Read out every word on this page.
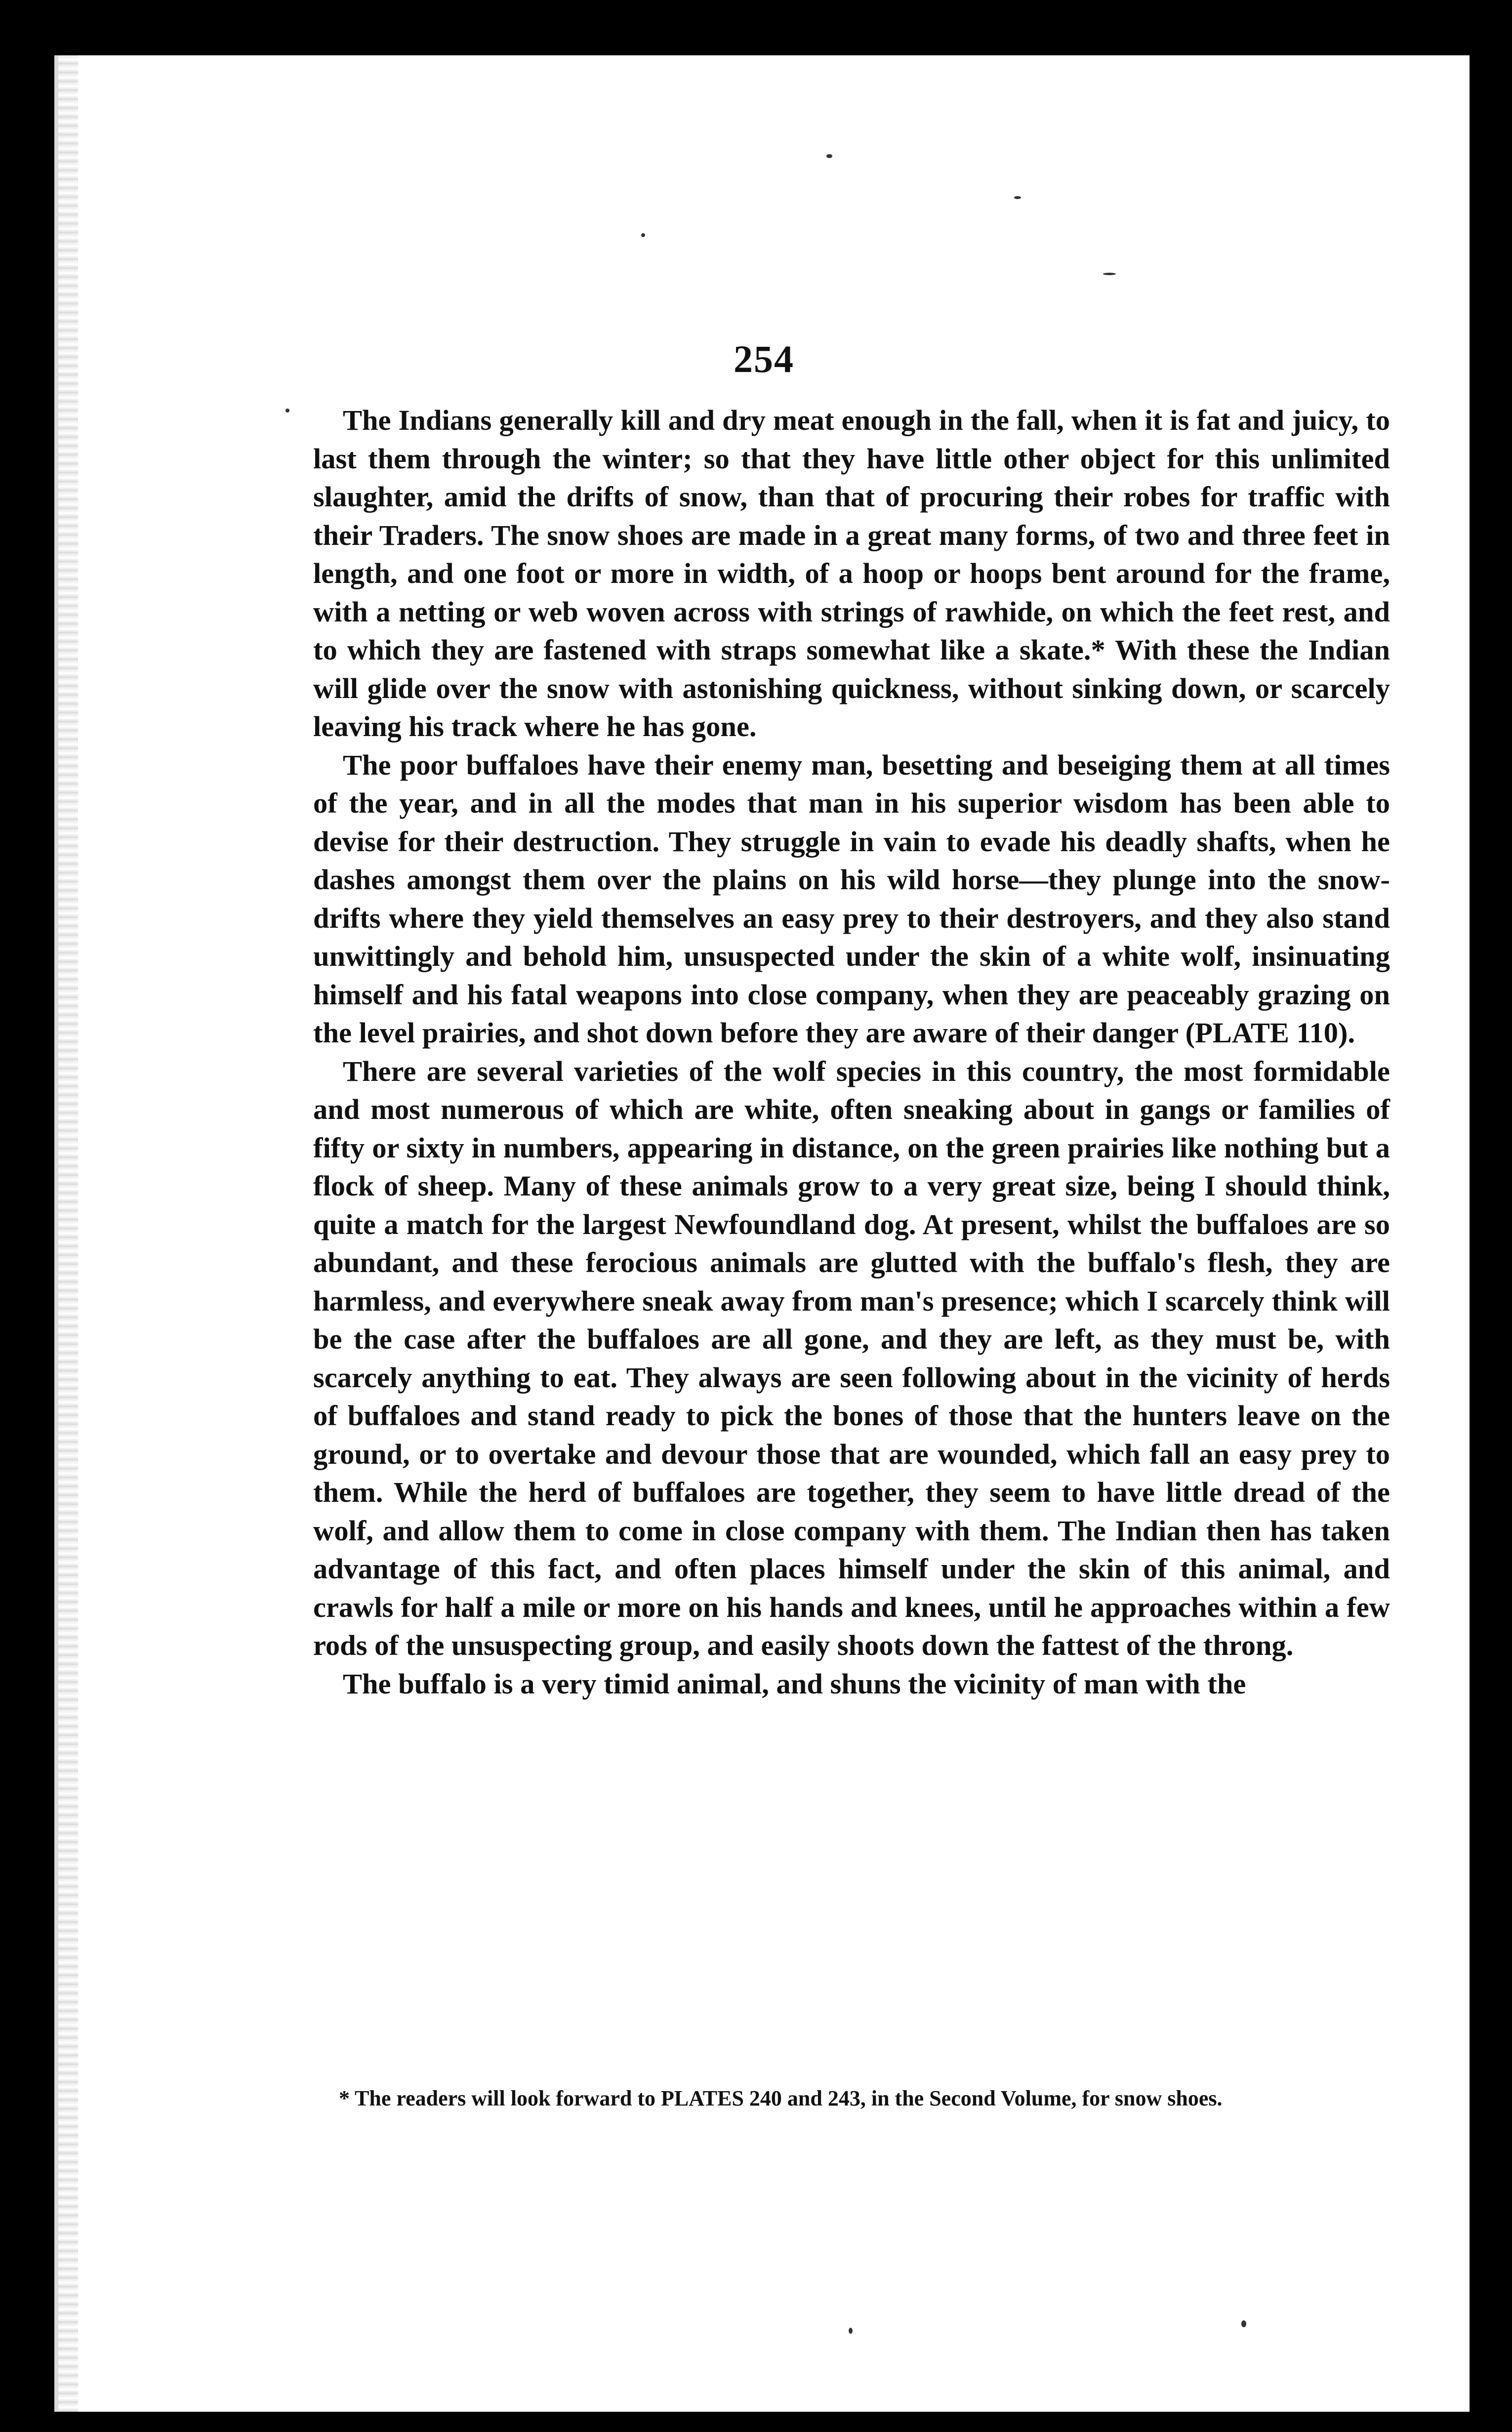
254

The Indians generally kill and dry meat enough in the fall, when it is fat and juicy, to last them through the winter; so that they have little other object for this unlimited slaughter, amid the drifts of snow, than that of procuring their robes for traffic with their Traders. The snow shoes are made in a great many forms, of two and three feet in length, and one foot or more in width, of a hoop or hoops bent around for the frame, with a netting or web woven across with strings of rawhide, on which the feet rest, and to which they are fastened with straps somewhat like a skate.* With these the Indian will glide over the snow with astonishing quickness, without sinking down, or scarcely leaving his track where he has gone.

The poor buffaloes have their enemy man, besetting and beseiging them at all times of the year, and in all the modes that man in his superior wisdom has been able to devise for their destruction. They struggle in vain to evade his deadly shafts, when he dashes amongst them over the plains on his wild horse—they plunge into the snow-drifts where they yield themselves an easy prey to their destroyers, and they also stand unwittingly and behold him, unsuspected under the skin of a white wolf, insinuating himself and his fatal weapons into close company, when they are peaceably grazing on the level prairies, and shot down before they are aware of their danger (PLATE 110).

There are several varieties of the wolf species in this country, the most formidable and most numerous of which are white, often sneaking about in gangs or families of fifty or sixty in numbers, appearing in distance, on the green prairies like nothing but a flock of sheep. Many of these animals grow to a very great size, being I should think, quite a match for the largest Newfoundland dog. At present, whilst the buffaloes are so abundant, and these ferocious animals are glutted with the buffalo's flesh, they are harmless, and everywhere sneak away from man's presence; which I scarcely think will be the case after the buffaloes are all gone, and they are left, as they must be, with scarcely anything to eat. They always are seen following about in the vicinity of herds of buffaloes and stand ready to pick the bones of those that the hunters leave on the ground, or to overtake and devour those that are wounded, which fall an easy prey to them. While the herd of buffaloes are together, they seem to have little dread of the wolf, and allow them to come in close company with them. The Indian then has taken advantage of this fact, and often places himself under the skin of this animal, and crawls for half a mile or more on his hands and knees, until he approaches within a few rods of the unsuspecting group, and easily shoots down the fattest of the throng.

The buffalo is a very timid animal, and shuns the vicinity of man with the

* The readers will look forward to PLATES 240 and 243, in the Second Volume, for snow shoes.
